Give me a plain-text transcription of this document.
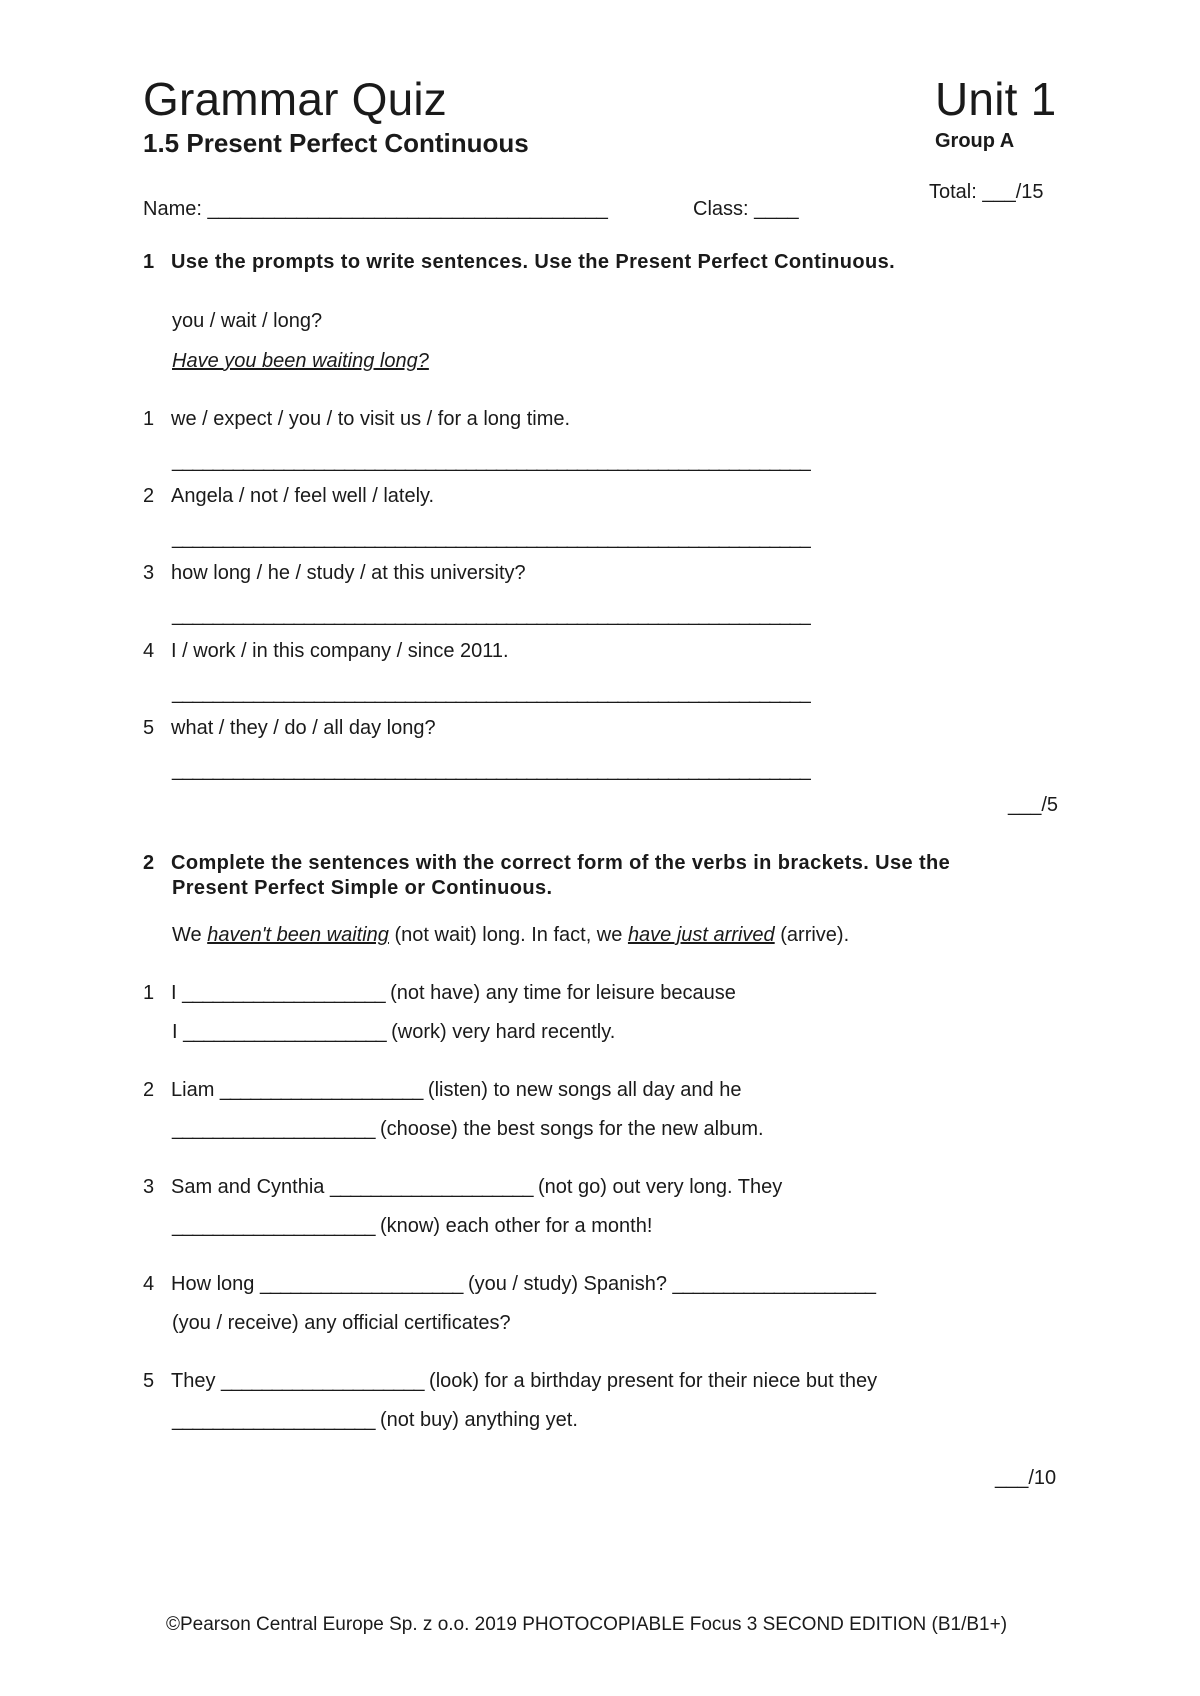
Grammar Quiz
1.5 Present Perfect Continuous
Unit 1
Group A
Total: ___/15
Name: ____________________________________	Class: ____
1 Use the prompts to write sentences. Use the Present Perfect Continuous.
you / wait / long?
Have you been waiting long?
1 we / expect / you / to visit us / for a long time.
_______________________________________________________________
2 Angela / not / feel well / lately.
_______________________________________________________________
3 how long / he / study / at this university?
_______________________________________________________________
4 I / work / in this company / since 2011.
_______________________________________________________________
5 what / they / do / all day long?
_______________________________________________________________
___/5
2 Complete the sentences with the correct form of the verbs in brackets. Use the
Present Perfect Simple or Continuous.
We haven't been waiting (not wait) long. In fact, we have just arrived (arrive).
1 I ____________________ (not have) any time for leisure because
I ____________________ (work) very hard recently.
2 Liam ____________________ (listen) to new songs all day and he
____________________ (choose) the best songs for the new album.
3 Sam and Cynthia ____________________ (not go) out very long. They
____________________ (know) each other for a month!
4 How long ____________________ (you / study) Spanish? ____________________
(you / receive) any official certificates?
5 They ____________________ (look) for a birthday present for their niece but they
____________________ (not buy) anything yet.
___/10
©Pearson Central Europe Sp. z o.o. 2019 PHOTOCOPIABLE Focus 3 SECOND EDITION (B1/B1+)
